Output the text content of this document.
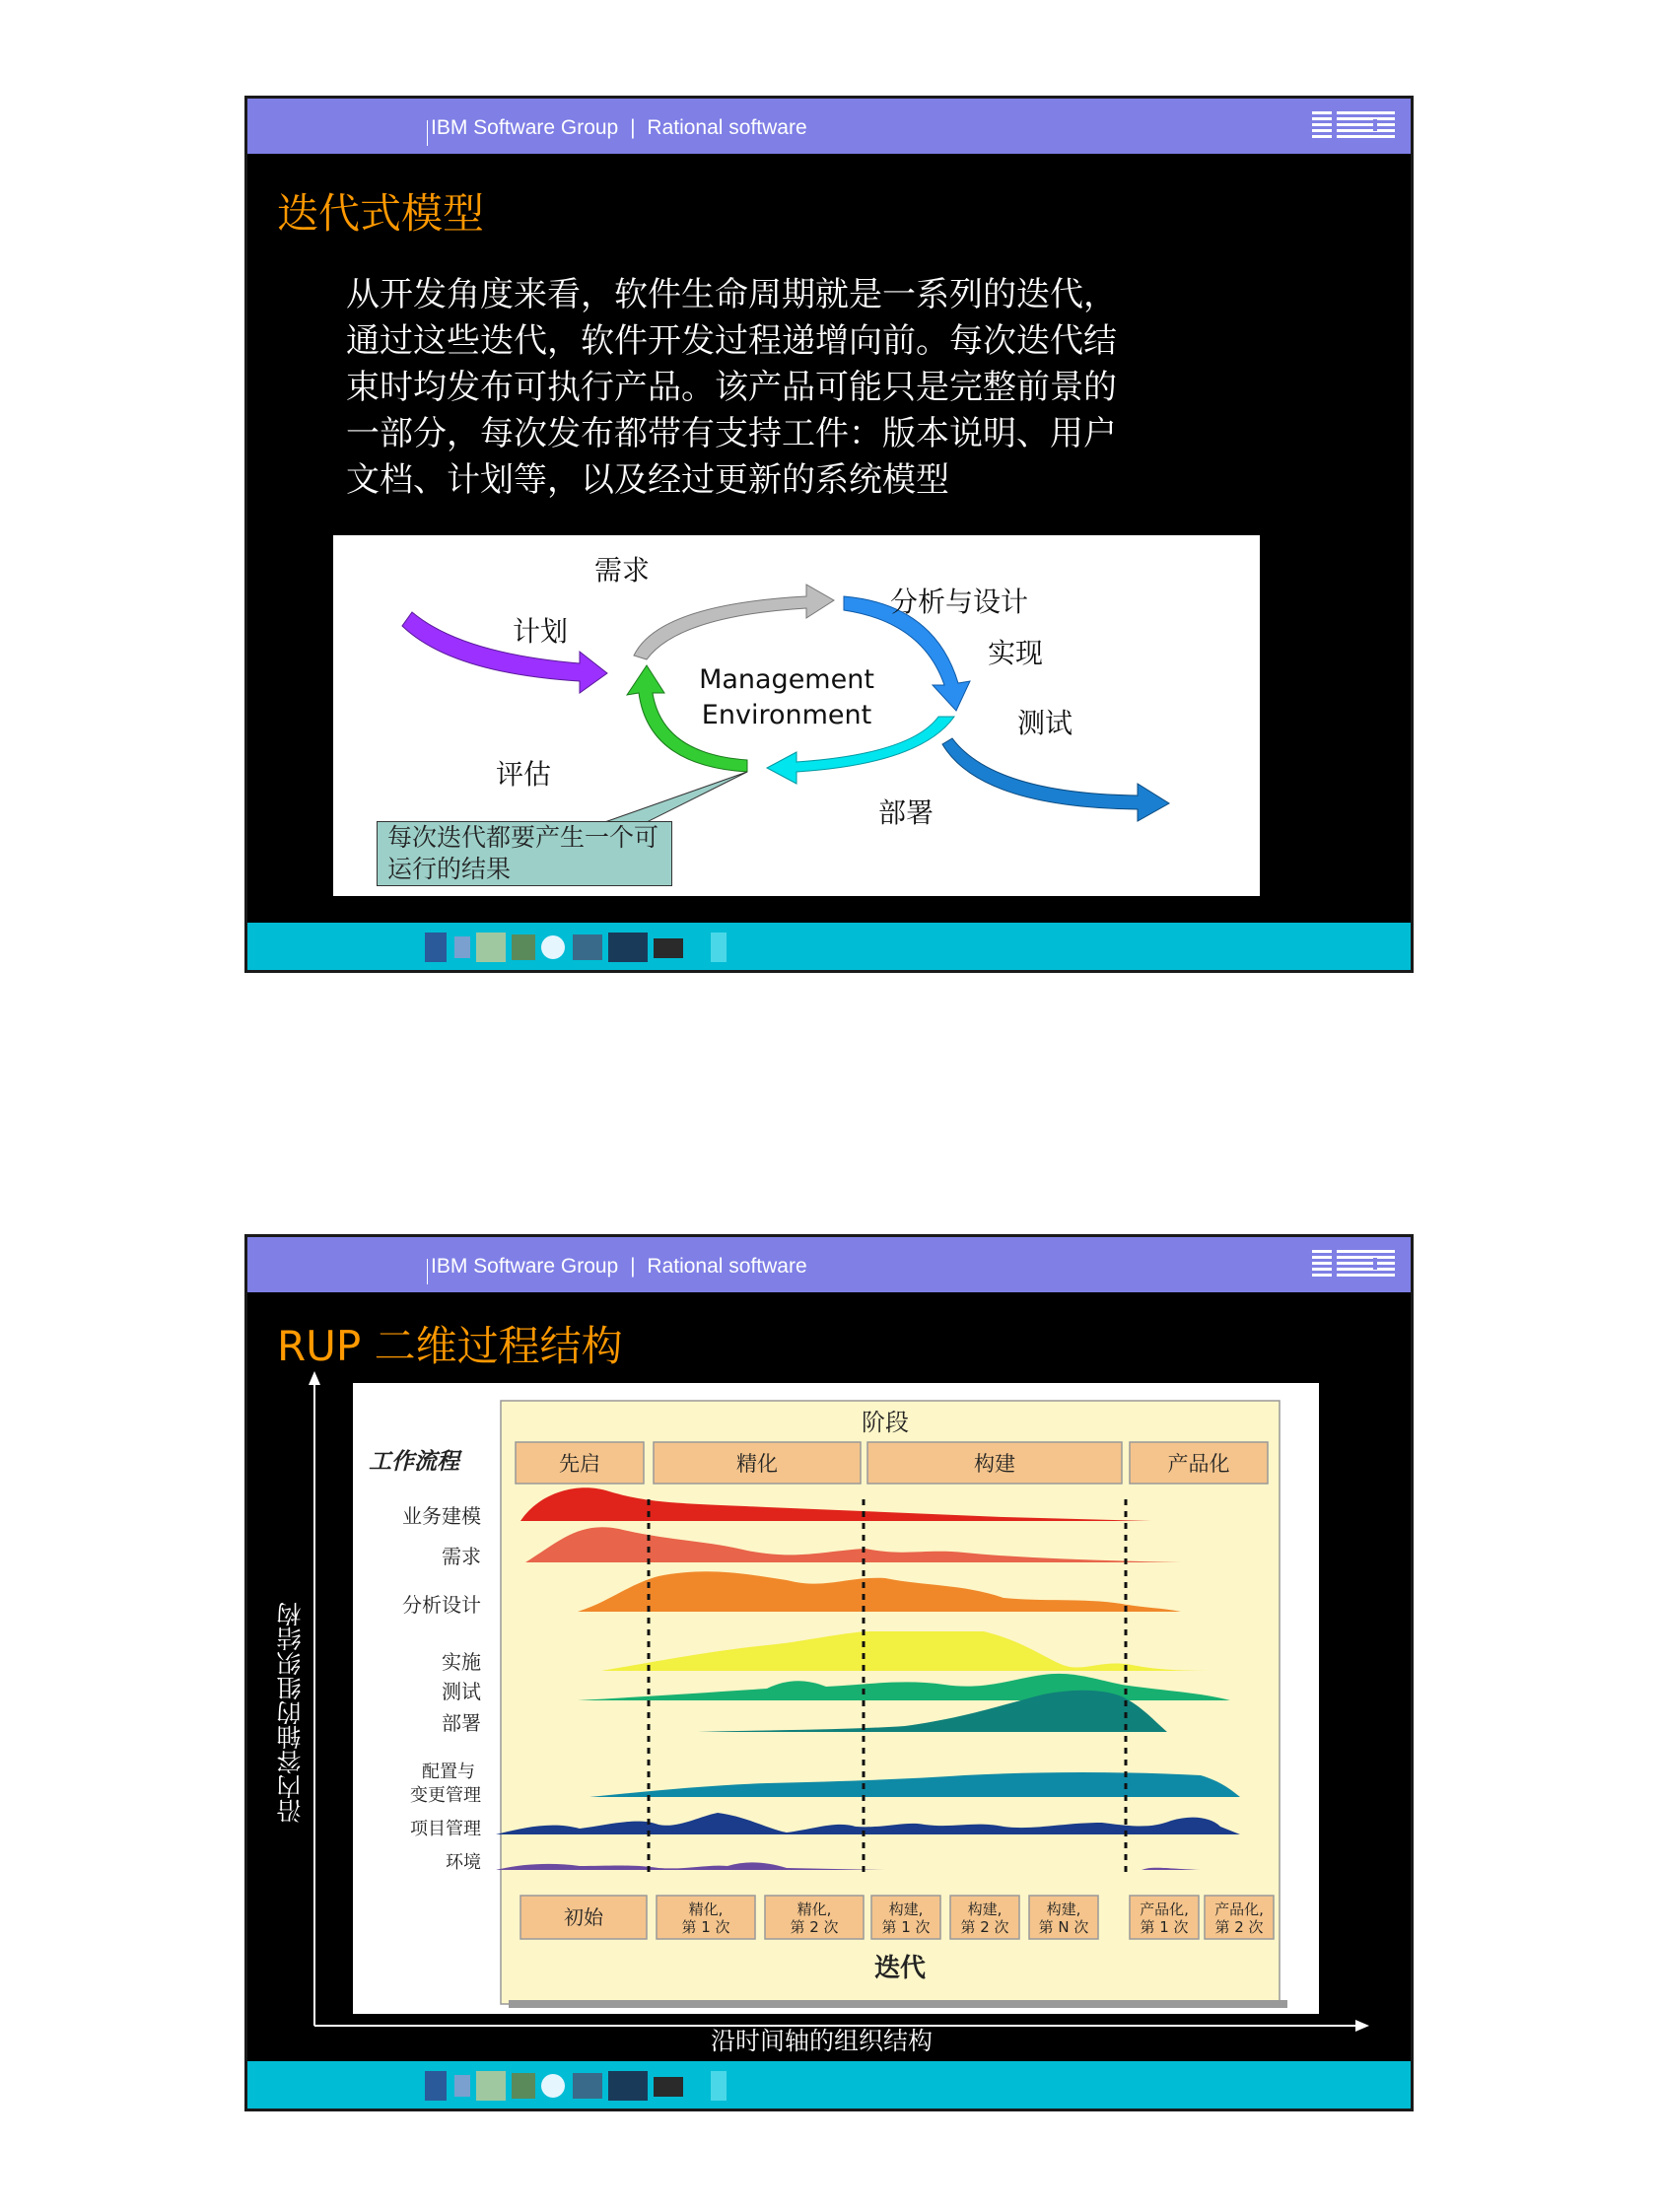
IBM Software Group | Rational software	IBM
迭代式模型
从开发角度来看，软件生命周期就是一系列的迭代，
通过这些迭代，软件开发过程递增向前。每次迭代结
束时均发布可执行产品。该产品可能只是完整前景的
一部分，每次发布都带有支持工件：版本说明、用户
文档、计划等，以及经过更新的系统模型
Management
Environment
需求
计划
分析与设计
实现
测试
部署
评估
每次迭代都要产生一个可运行的结果
IBM Software Group | Rational software	IBM
RUP 二维过程结构
沿内容轴的组织结构
阶段
工作流程	先启	精化	构建	产品化
业务建模
需求
分析设计
实施
测试
部署
配置与
变更管理
项目管理
环境
初始	精化,
第 1 次
精化,
第 2 次
构建,
第 1 次
构建,
第 2 次
构建,
第 N 次
产品化,
第 1 次
产品化,
第 2 次
迭代
沿时间轴的组织结构
